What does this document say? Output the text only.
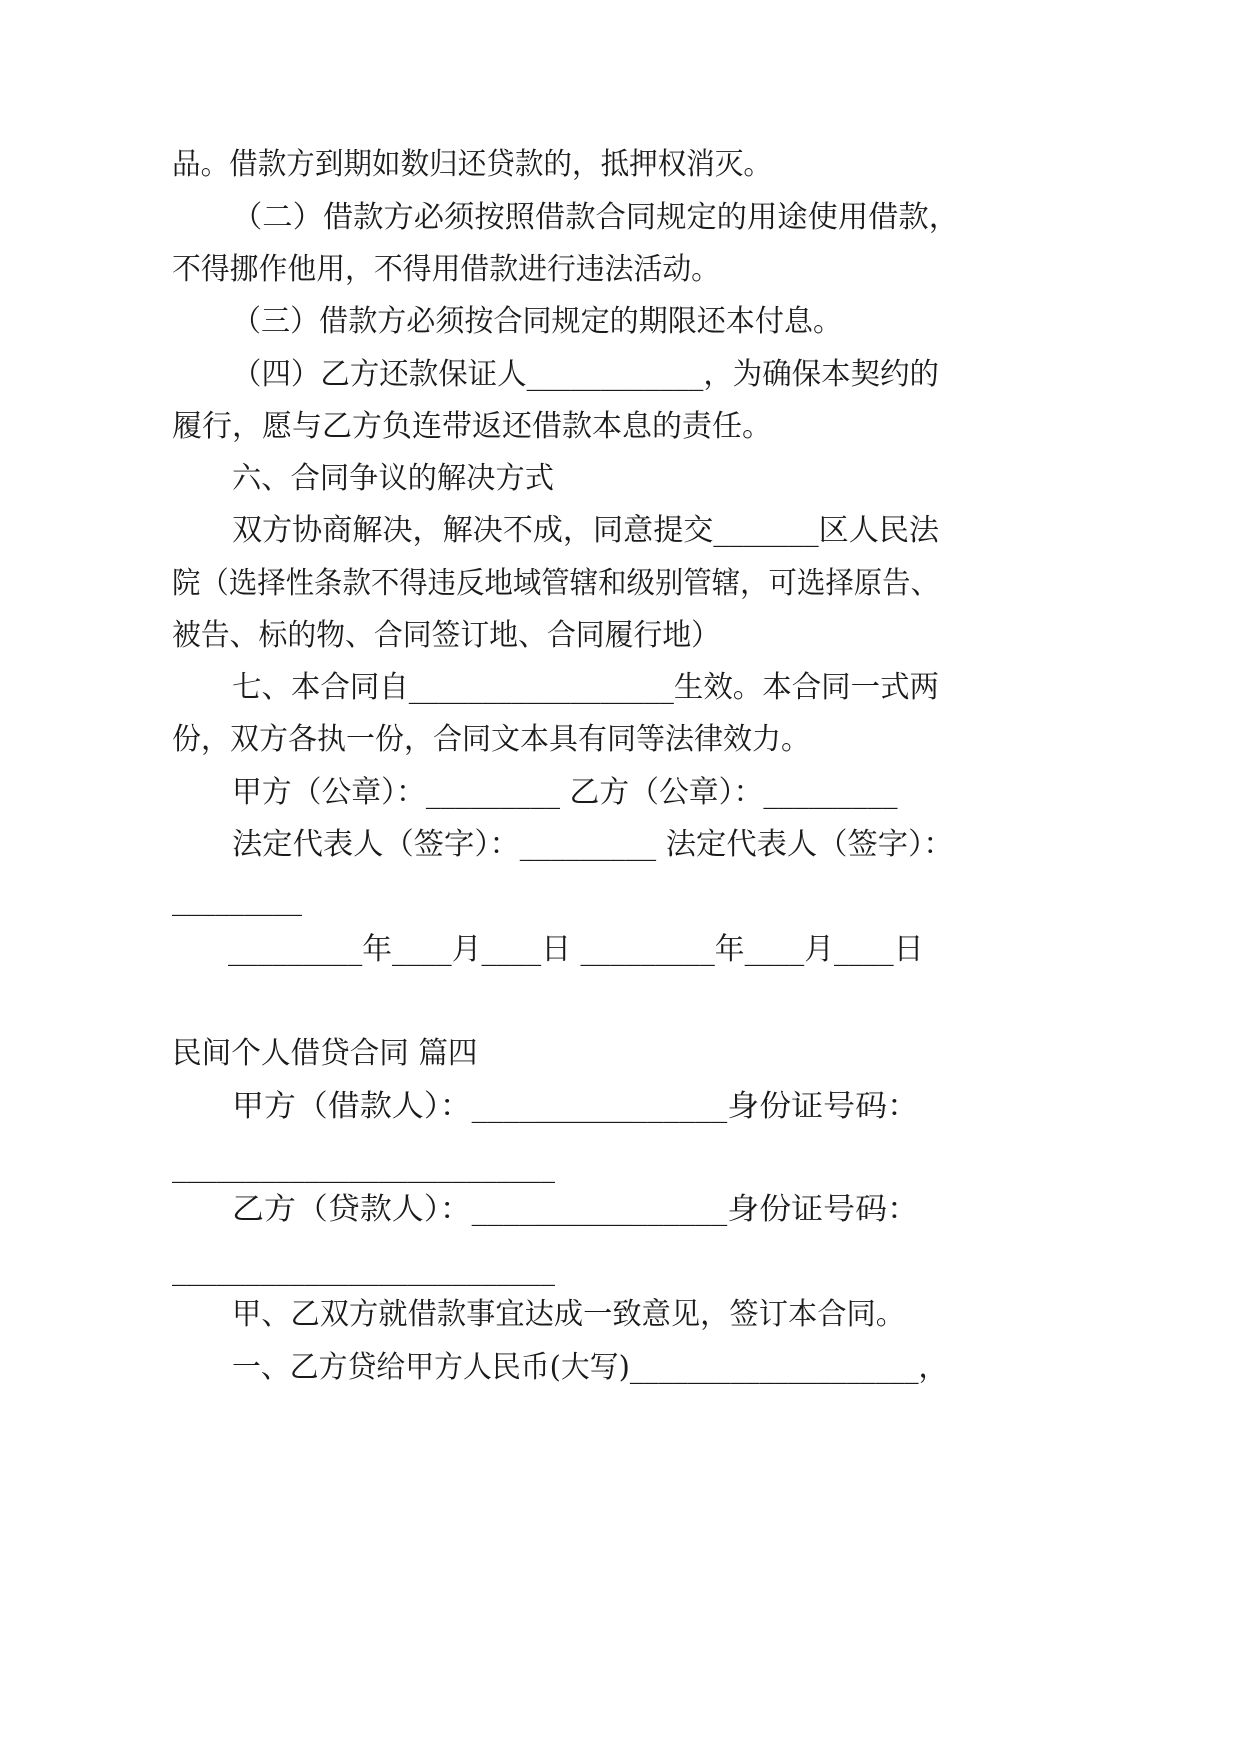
品。借款方到期如数归还贷款的，抵押权消灭。
（二）借款方必须按照借款合同规定的用途使用借款，
不得挪作他用，不得用借款进行违法活动。
（三）借款方必须按合同规定的期限还本付息。
（四）乙方还款保证人____________，为确保本契约的
履行，愿与乙方负连带返还借款本息的责任。
六、合同争议的解决方式
双方协商解决，解决不成，同意提交_______区人民法
院（选择性条款不得违反地域管辖和级别管辖，可选择原告、
被告、标的物、合同签订地、合同履行地）
七、本合同自__________________生效。本合同一式两
份，双方各执一份，合同文本具有同等法律效力。
甲方（公章）：_________ 乙方（公章）：_________
法定代表人（签字）：_________ 法定代表人（签字）：
_________
_________年____月____日 _________年____月____日
民间个人借贷合同 篇四
甲方（借款人）：________________身份证号码：
__________________________
乙方（贷款人）：________________身份证号码：
__________________________
甲、乙双方就借款事宜达成一致意见，签订本合同。
一、乙方贷给甲方人民币(大写)____________________，
